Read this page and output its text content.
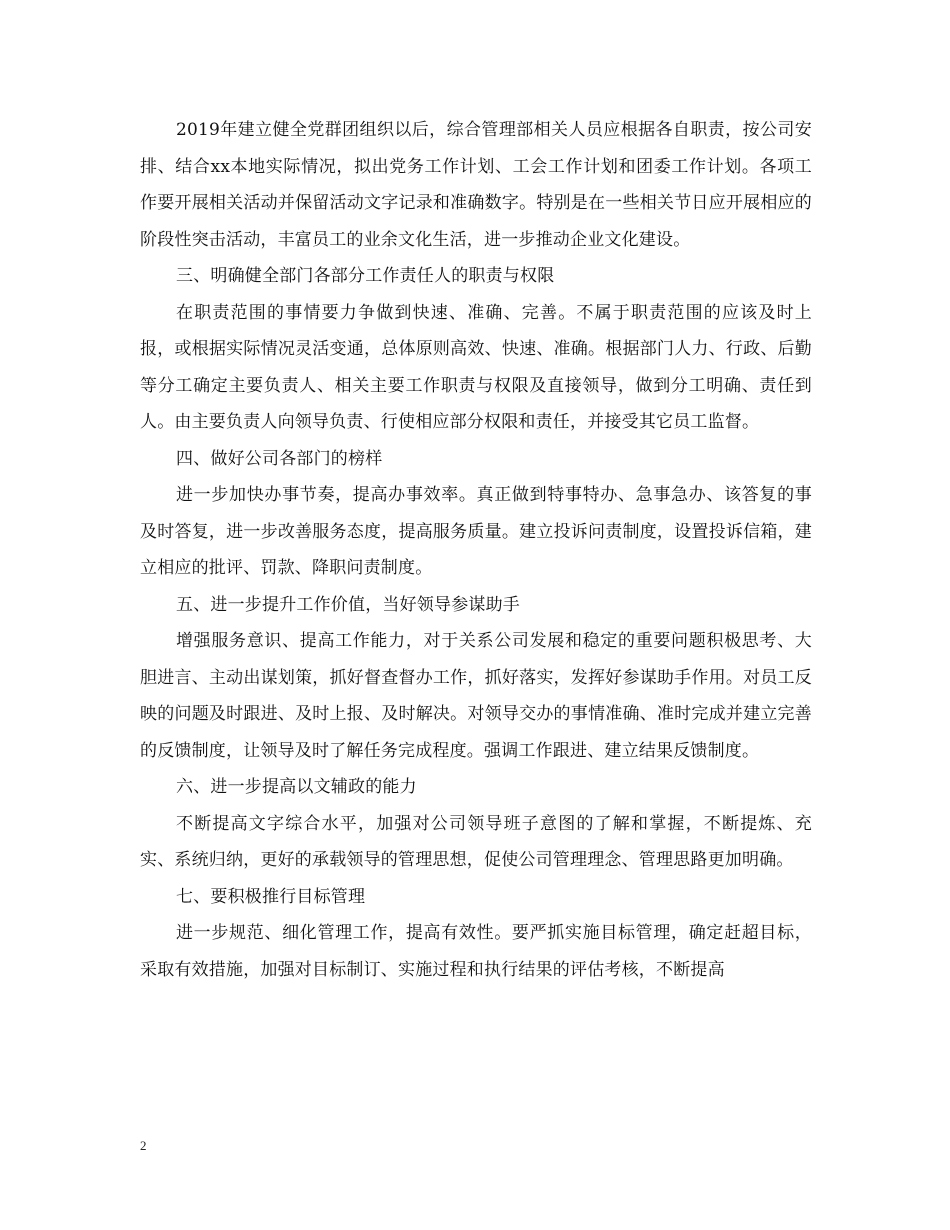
2019年建立健全党群团组织以后，综合管理部相关人员应根据各自职责，按公司安排、结合xx本地实际情况，拟出党务工作计划、工会工作计划和团委工作计划。各项工作要开展相关活动并保留活动文字记录和准确数字。特别是在一些相关节日应开展相应的阶段性突击活动，丰富员工的业余文化生活，进一步推动企业文化建设。

三、明确健全部门各部分工作责任人的职责与权限

在职责范围的事情要力争做到快速、准确、完善。不属于职责范围的应该及时上报，或根据实际情况灵活变通，总体原则高效、快速、准确。根据部门人力、行政、后勤等分工确定主要负责人、相关主要工作职责与权限及直接领导，做到分工明确、责任到人。由主要负责人向领导负责、行使相应部分权限和责任，并接受其它员工监督。

四、做好公司各部门的榜样

进一步加快办事节奏，提高办事效率。真正做到特事特办、急事急办、该答复的事及时答复，进一步改善服务态度，提高服务质量。建立投诉问责制度，设置投诉信箱，建立相应的批评、罚款、降职问责制度。

五、进一步提升工作价值，当好领导参谋助手

增强服务意识、提高工作能力，对于关系公司发展和稳定的重要问题积极思考、大胆进言、主动出谋划策，抓好督查督办工作，抓好落实，发挥好参谋助手作用。对员工反映的问题及时跟进、及时上报、及时解决。对领导交办的事情准确、准时完成并建立完善的反馈制度，让领导及时了解任务完成程度。强调工作跟进、建立结果反馈制度。

六、进一步提高以文辅政的能力

不断提高文字综合水平，加强对公司领导班子意图的了解和掌握，不断提炼、充实、系统归纳，更好的承载领导的管理思想，促使公司管理理念、管理思路更加明确。

七、要积极推行目标管理

进一步规范、细化管理工作，提高有效性。要严抓实施目标管理，确定赶超目标，采取有效措施，加强对目标制订、实施过程和执行结果的评估考核，不断提高

2
